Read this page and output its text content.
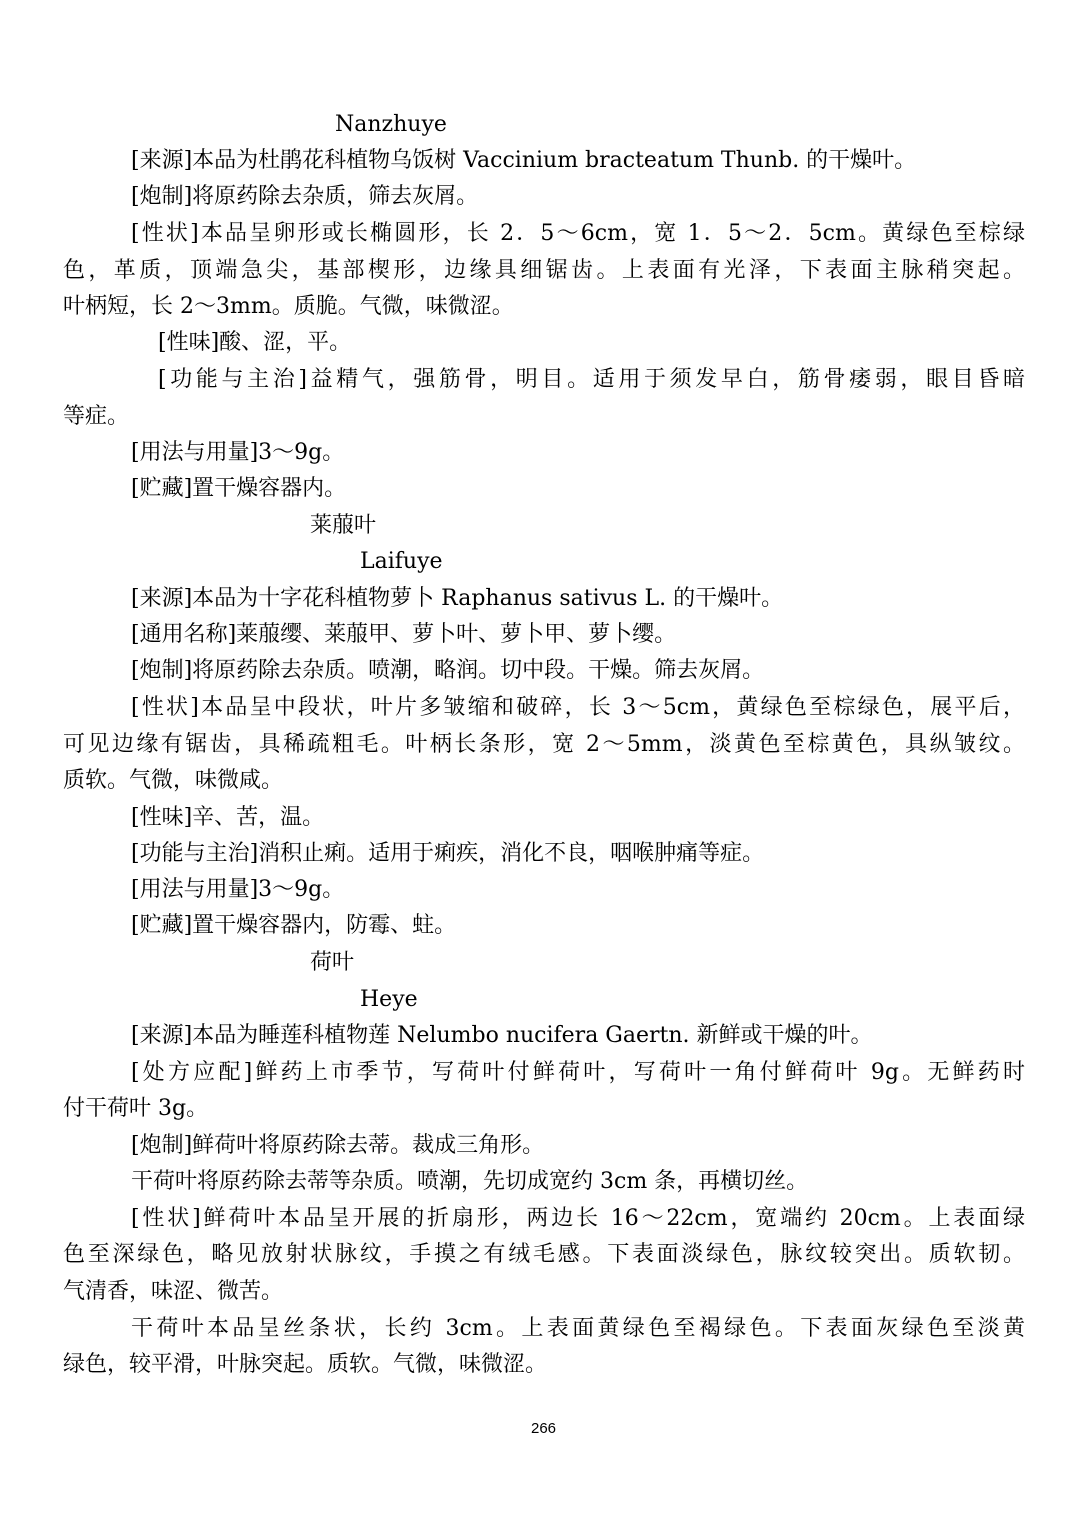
Nanzhuye
[来源]本品为杜鹃花科植物乌饭树 Vaccinium bracteatum Thunb. 的干燥叶。
[炮制]将原药除去杂质，筛去灰屑。
[性状]本品呈卵形或长椭圆形，长 2．5～6cm，宽 1．5～2．5cm。黄绿色至棕绿
色，革质，顶端急尖，基部楔形，边缘具细锯齿。上表面有光泽，下表面主脉稍突起。
叶柄短，长 2～3mm。质脆。气微，味微涩。
[性味]酸、涩，平。
[功能与主治]益精气，强筋骨，明目。适用于须发早白，筋骨痿弱，眼目昏暗
等症。
[用法与用量]3～9g。
[贮藏]置干燥容器内。
莱菔叶
Laifuye
[来源]本品为十字花科植物萝卜 Raphanus sativus L. 的干燥叶。
[通用名称]莱菔缨、莱菔甲、萝卜叶、萝卜甲、萝卜缨。
[炮制]将原药除去杂质。喷潮，略润。切中段。干燥。筛去灰屑。
[性状]本品呈中段状，叶片多皱缩和破碎，长 3～5cm，黄绿色至棕绿色，展平后，
可见边缘有锯齿，具稀疏粗毛。叶柄长条形，宽 2～5mm，淡黄色至棕黄色，具纵皱纹。
质软。气微，味微咸。
[性味]辛、苦，温。
[功能与主治]消积止痢。适用于痢疾，消化不良，咽喉肿痛等症。
[用法与用量]3～9g。
[贮藏]置干燥容器内，防霉、蛀。
荷叶
Heye
[来源]本品为睡莲科植物莲 Nelumbo nucifera Gaertn. 新鲜或干燥的叶。
[处方应配]鲜药上市季节，写荷叶付鲜荷叶，写荷叶一角付鲜荷叶 9g。无鲜药时
付干荷叶 3g。
[炮制]鲜荷叶将原药除去蒂。裁成三角形。
干荷叶将原药除去蒂等杂质。喷潮，先切成宽约 3cm 条，再横切丝。
[性状]鲜荷叶本品呈开展的折扇形，两边长 16～22cm，宽端约 20cm。上表面绿
色至深绿色，略见放射状脉纹，手摸之有绒毛感。下表面淡绿色，脉纹较突出。质软韧。
气清香，味涩、微苦。
干荷叶本品呈丝条状，长约 3cm。上表面黄绿色至褐绿色。下表面灰绿色至淡黄
绿色，较平滑，叶脉突起。质软。气微，味微涩。
266
